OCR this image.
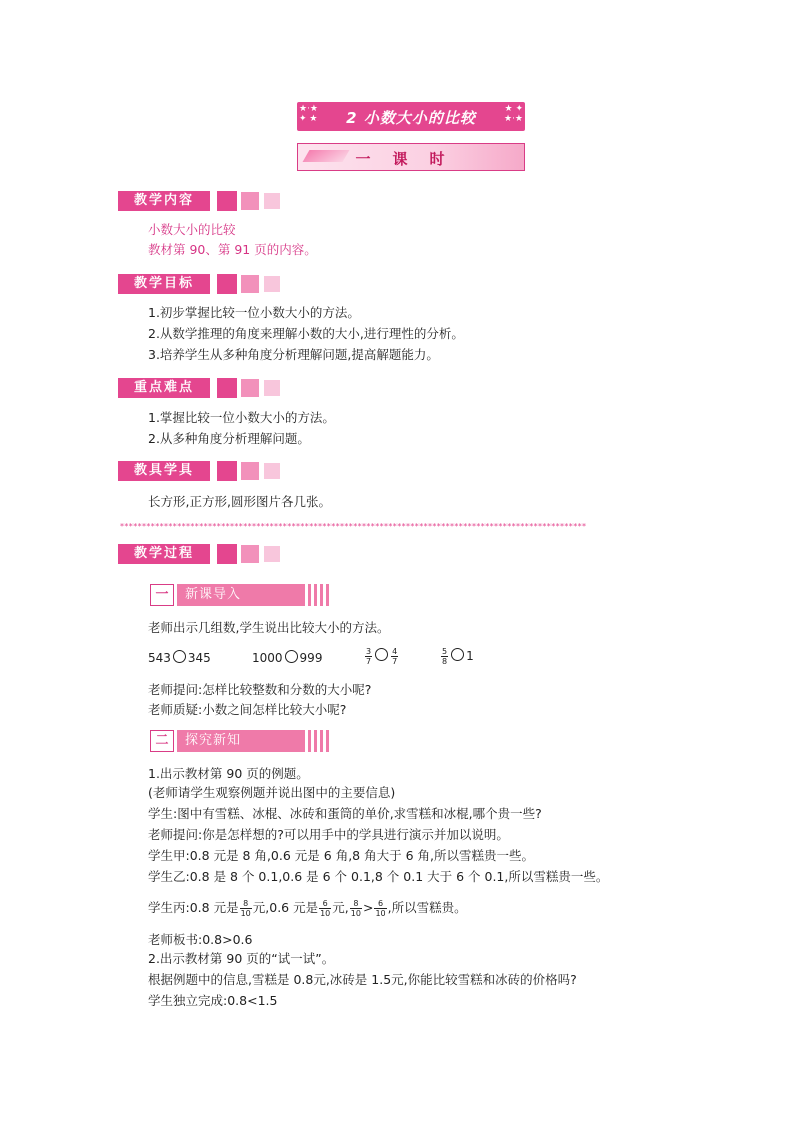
★·★ ✦ ★	2 小数大小的比较	★ ✦ ★·★
一课时
教学内容
小数大小的比较
教材第 90、第 91 页的内容。
教学目标
1.初步掌握比较一位小数大小的方法。
2.从数学推理的角度来理解小数的大小,进行理性的分析。
3.培养学生从多种角度分析理解问题,提高解题能力。
重点难点
1.掌握比较一位小数大小的方法。
2.从多种角度分析理解问题。
教具学具
长方形,正方形,圆形图片各几张。
**********************************************************************************************************
教学过程
一	新课导入
老师出示几组数,学生说出比较大小的方法。
543 345	1000 999	$\frac{3}{7} \frac{4}{7}$	$\frac{5}{8} 1$
老师提问:怎样比较整数和分数的大小呢?
老师质疑:小数之间怎样比较大小呢?
二	探究新知
1.出示教材第 90 页的例题。
(老师请学生观察例题并说出图中的主要信息)
学生:图中有雪糕、冰棍、冰砖和蛋筒的单价,求雪糕和冰棍,哪个贵一些?
老师提问:你是怎样想的?可以用手中的学具进行演示并加以说明。
学生甲:0.8 元是 8 角,0.6 元是 6 角,8 角大于 6 角,所以雪糕贵一些。
学生乙:0.8 是 8 个 0.1,0.6 是 6 个 0.1,8 个 0.1 大于 6 个 0.1,所以雪糕贵一些。
学生丙:0.8 元是 $\frac{8}{10}$ 元,0.6 元是 $\frac{6}{10}$ 元, $\frac{8}{10} > \frac{6}{10}$ ,所以雪糕贵。
老师板书:0.8>0.6
2.出示教材第 90 页的“试一试”。
根据例题中的信息,雪糕是 0.8元,冰砖是 1.5元,你能比较雪糕和冰砖的价格吗?
学生独立完成:0.8<1.5
